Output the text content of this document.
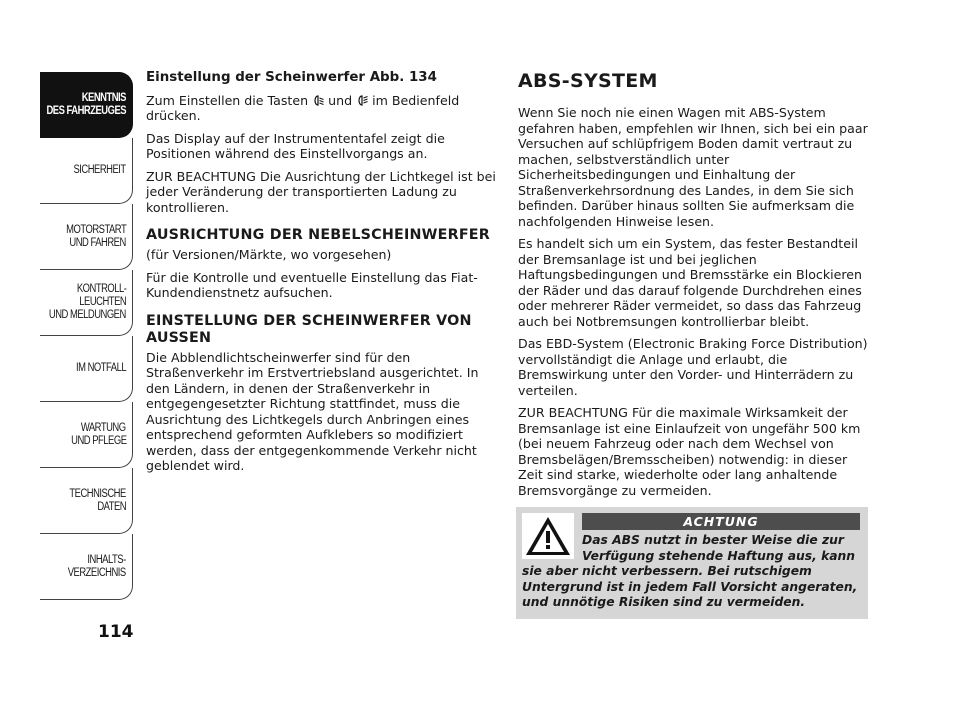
KENNTNIS
DES FAHRZEUGES
SICHERHEIT
MOTORSTART
UND FAHREN
KONTROLL-
LEUCHTEN
UND MELDUNGEN
IM NOTFALL
WARTUNG
UND PFLEGE
TECHNISCHE
DATEN
INHALTS-
VERZEICHNIS
114
Einstellung der Scheinwerfer Abb. 134

Zum Einstellen die Tasten und im Bedienfeld drücken.

Das Display auf der Instrumententafel zeigt die Positionen während des Einstellvorgangs an.

ZUR BEACHTUNG Die Ausrichtung der Lichtkegel ist bei jeder Veränderung der transportierten Ladung zu kontrollieren.

AUSRICHTUNG DER NEBELSCHEINWERFER

(für Versionen/Märkte, wo vorgesehen)

Für die Kontrolle und eventuelle Einstellung das Fiat-Kundendienstnetz aufsuchen.

EINSTELLUNG DER SCHEINWERFER VON AUSSEN

Die Abblendlichtscheinwerfer sind für den Straßenverkehr im Erstvertriebsland ausgerichtet. In den Ländern, in denen der Straßenverkehr in entgegengesetzter Richtung stattfindet, muss die Ausrichtung des Lichtkegels durch Anbringen eines entsprechend geformten Aufklebers so modifiziert werden, dass der entgegenkommende Verkehr nicht geblendet wird.

ABS-SYSTEM

Wenn Sie noch nie einen Wagen mit ABS-System gefahren haben, empfehlen wir Ihnen, sich bei ein paar Versuchen auf schlüpfrigem Boden damit vertraut zu machen, selbstverständlich unter Sicherheitsbedingungen und Einhaltung der Straßenverkehrsordnung des Landes, in dem Sie sich befinden. Darüber hinaus sollten Sie aufmerksam die nachfolgenden Hinweise lesen.

Es handelt sich um ein System, das fester Bestandteil der Bremsanlage ist und bei jeglichen Haftungsbedingungen und Bremsstärke ein Blockieren der Räder und das darauf folgende Durchdrehen eines oder mehrerer Räder vermeidet, so dass das Fahrzeug auch bei Notbremsungen kontrollierbar bleibt.

Das EBD-System (Electronic Braking Force Distribution) vervollständigt die Anlage und erlaubt, die Bremswirkung unter den Vorder- und Hinterrädern zu verteilen.

ZUR BEACHTUNG Für die maximale Wirksamkeit der Bremsanlage ist eine Einlaufzeit von ungefähr 500 km (bei neuem Fahrzeug oder nach dem Wechsel von Bremsbeläge​n/Bremsscheiben) notwendig: in dieser Zeit sind starke, wiederholte oder lang anhaltende Bremsvorgänge zu vermeiden.

ACHTUNG
Das ABS nutzt in bester Weise die zur Verfügung stehende Haftung aus, kann sie aber nicht verbessern. Bei rutschigem Untergrund ist in jedem Fall Vorsicht angeraten, und unnötige Risiken sind zu vermeiden.
